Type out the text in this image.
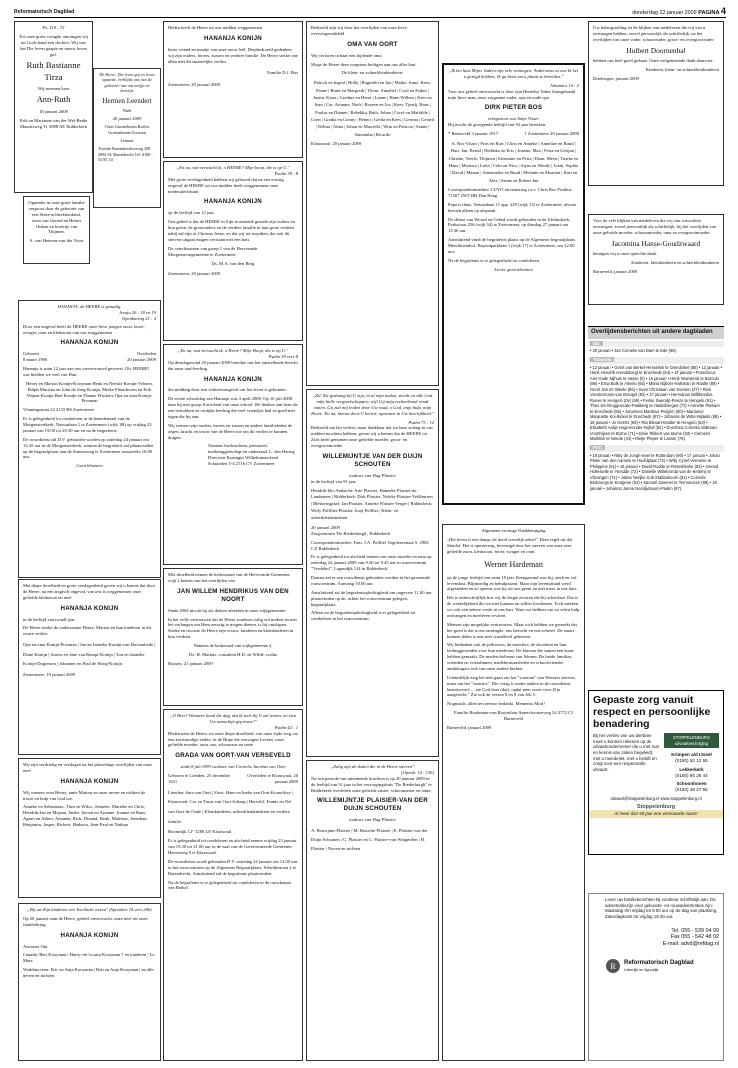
Reformatorisch Dagblad	donderdag 22 januari 2009 PAGINA 4
Ps. 119 : 72

Tot onze grote vreugde ontvingen wij uit Gods hand een dochter. Wij was het Die leven gaapte en nieuw leven gaf.

Ruth Bastianne Tirza
Wij noemen haar
Ann-Ruth
18 januari 2009

Erik en Marianne van der Wel-Bedie Mauritsweg 31 3988 AE Ridderkerk

De Heere, Die leven gaf en leven spaarde, verblijde ons met de geboorte van ons neefje en broertje

Hermen Leendert
Niek
20 januari 2009

Chris Groeneboom Roelos Groeneboom-Goossen

Lennart

Tweede Barendrechtseweg 308 2992 SL Barendrecht Tel. 0180 - 55 85 34

Opmerke in onze grote familie vergroot door de geboorte van een Stiste-achterkleinkind, zoon van Gerard en Hester Onkun en broertje van Thijmen.

A. van Heteren-van der Voort
HANANJA: de HEERE is genadig.
Jesaja 20 : 18 en 19
Openbaring 21 : 4

Door een ongeval heeft de HEERE onze lieve jongste zoon, broer, zwager, oom en kleinzoon van ons weggenomen

HANANJA KONIJN
Geboren	Overleden
8 maart 1996	20 januari 2009

Hananja is ruim 12 jaar aan ons toevertrouwd geweest. Oh, HEERE! wat hielden we veel van Han.

Henry en Marion Konijn-Kooyman Henk en Neeske Konijn-Veltzen, Ralph Mariska en John de Jong-Konijn, Mieke Fhondecren en Erik Velpen-Konijn Bert Konijn en Dianne Wuckers Opa en oma Konijn-Prosman

Vlamingstraat 22 2133 BS Zoetermeer

Er is gelegenheid tot condoleren in de benedenzaal van de Morgenstertkerk, Nassaulaan 1 te Zoetermeer (wijk 1B) op vrijdag 23 januari van 19.00 tot 20.30 uur en na de begrafenis.

De rouwdienst zal D.V. gehouden worden op zaterdag 24 januari om 13.45 uur in de Morgensterkerk, waarna de begrafenis zal plaatsvinden op de begraafplaats aan de Simnesweg te Zoetermeer omstreeks 16.00 uur.

Geen bloemen

Met diepe droefheid en grote verslagenheid geven wij u kennis dat door de Heere, na een tragisch ongeval, van ons is weggenomen onze geliefde kleinzoon en neef

HANANJA KONIJN

in de leeftijd van twaalf jaar.

De Heere sterke de ondersteune Henry, Marion en hun kinderen in dit zware verlies.

Opa en oma Konijn-Prosman | Jan en Janneke Konijn-van Duivenbode | Dinie Konijn | Arnest en Jane van Rumpt-Konijn | Ton en Janneke Konijn-Dogterom | Johannes en Paul de Hoog-Konijn

Zoetermeer, 19 januari 2009

Wij zijn verdrietig en verslagen na het plotselinge overlijden van onze neef

HANANJA KONIJN

Wij wensen oom Henry, tante Marion en onze neven en nichten de troost en hulp van God toe.

Anneke en Sebastiaan, Thea en Wilco, Jeanette, Marieke en Chris, Hendrik-Jan en Mirjam, Janke, Jeroen en Arianne, Joanne en Bans, Agnes en Albert, Amanda, Rick, Dinand, Henk, Matthias, Jonathan, Benjamin, Jasper, Rickert, Hadassa, Jean-Paul en Nathan

„Bij uw Zijn kinderen een Toevlucht wezen" (Spreuken 14 vers 26b)

Op 20 januari nam de Heere, geheel onverwacht, onze neef uit onze familiekring

HANANJA KONIJN

Ancaster Ont.

Canada: Bert Kooyman | Harry+en Louisa Kooyman † en kinderen | Le Mare

Waddinxveen: Eric en Anja Kooyman | Bob en Anja Kooyman | en alle neven en nichten

Heden heeft de Heere uit ons midden weggenomen

HANANJA KONIJN

beste vriend en maatje van onze zoon Joël. Diepbedroefd gedenken wij zijn ouders, broers, zussen en verdere familie. De Heere sterke one allen met dit smartelijke verlies.

Familie D.J. Bos
Zoetermeer, 20 januari 2009
„En nu, wat verwacht ik, o HEERE? Mijn hoop, die is op U."
Psalm 39 : 8

Met grote verslagenheid hebben wij gehoord dat na een ernstig ongeval de HEERE uit ons midden heeft weggenomen onze medecatechisant

HANANJA KONIJN

op de leeftijd van 12 jaar.

Ons gebed is dat de HEERE in Zijn troostende genade zijn ouders en hun gezin, de grootouders en de verdere familie in hun grote verdriet nabij zal zijn in Christus Jezus, en dat wij tot roepdien, die ook dit sterven uitgaat mogen verstaan met een hart.

De catechisanten van groep 1 van de Hervormde Morgensterngemeente te Zoetermeer.

Ds. M.A. van den Berg
Zoetermeer, 20 januari 2009
„En nu, wat verwacht ik, o Heere? Mijn Hoop, die is op U."
Psalm 39 vers 8

Op dinsdagavond 20 januari 2009 bereikte ons het ontstellende bericht dat onze oud-leerling

HANANJA KONIJN

die midding door een verkeersongeval om het leven is gekomen.

De eerste schooldag van Hananja was 3 april 2000. Op 16 juli 2008 nam hij met groep 8 afscheid van onze school. We denken aan hem als een betrokken en vrolijke leerling die veel vriendjes had en goed met tegen die hij aan.

Wij wensen zijn ouders, broers en zussen en andere familieleden de zegen, kracht en troost van de Heere toe om dit verlies te kunnen dragen.

Namens leerkrachten, personeel, medezeggenschap-en ouderraad, L. den Hartog Directeur Koningin Wilhelminaschool Schuttelen 5-4 2716 CV Zoetermeer

Met droefheid nemen de kerkenraad van de Hervormde Gemeente wijk 2 kennis van het overlijden van

JAN WILLEM HENDRIKUS VAN DEN NOORT

Sinds 2004 mocht hij als diaken arbeiden in onze wijkgemeente.

In het volle vertrouwen dat de Heere zondares zalig wil maken en met het verlangen om Hem eeuwig te mogen dienen, is hij ontslapen. Sterke en troostte de Heere zijn vrouw, kinderen en kleinkinderen in hun verdriet.

Namens de kerkeraad van wijkgemeente 2,

Ds. H. Markus, consulent H.D. de Wilde, scriba

Rijssen, 21 januari 2009
„O Heer! Wanneer komt die dag, dat ik toch bij U zal wezen, en zien Uw aanschijn gepresen?"
Psalm 42 : 1

Heden nam de Heere, tot onze diepe droefheid, van onze zijde weg, na een kortstondige ziekte, in de Hope die eeuwigen Levens, onze geliefde moeder, oma, zus, schoonzus en tante

GRADA VAN OORT-VAN VERSEVELD
sinds 8 juli 1993 weduwe van Cornelis Jacobus van Oort
Geboren te Lienden, 25 december 1921
Overleden te Klaaswaal, 20 januari 2009

Lienden: Sara van Oort | Zeist: Hans en Ineke van Oort-Kornelisse | Klaaswaal: Cor en Truus van Oort-Schaap | Herveld: Teunis en Nel van Oort-de Oude | Kleinkinderen, achterkleinkinderen en verdere familie

Boomdijk 12° 3286 LE Klaaswaal

Er is gelegenheid tot condoleren en afscheid nemen vrijdag 23 januari van 19.30 tot 21.00 uur in de zaal van de Gereformeerde Gemeente, Havenweg 9 te Klaaswaal.

De rouwdienst wordt gehouden D.V. zaterdag 24 januari om 14.00 uur in het rouwcentrum op de Algemene Begraafplaats, Scheldestraat 2 te Barendrecht. Aansluitend zal de begrafenis plaatsvinden.

Na de begrafenis is er gelegenheid tot condoleren in de rouwkamer van Bethel.

Bedroefd zijn wij door het overlijden van onze lieve oververgemiddeld

OMA VAN OORT

Wij verloren in haar een bijdende oma.

Moge de Heere deze roepstem heiligen aan ons aller hart.

De klein- en achterkleinkinderen:

Patrick en Ingrid | Holly | Ragnhild en Jan | Maike, Anne, Kees, Fenne | Brain en Margreth | Thom, Annabel | Cyril en Esther | Justin, Kiara | Gerdine en Henri | Lanne | Hans-Willem | Kees en Joan | Cor, Arianne, Niels | Roseen en Jos | Kees, Tjeadj, Hans | Paulus en Dianne | Rebekka, Ruth, Johan | Corré en Mathilde | Coen | Gradia en Conny | Henno | Gerda en Kees | Gertina | Gerard | Wilma | Alma | Johan en Marcella | Wim en Patricia | Sanne | Samantha | Ricardo

Klaaswaal, 20 januari 2009

„Zo! Zie gedaang bij U zijn, in al mijn noden, steeds en alle God mijn hulle vergezelschappen, wijl Gij mijn rechterhand vendt vatten. Gij zult mij leiden door Uw raad, o God, mijn hulp, mijn Heere. En na, hierna door U berovt, opnemen in Uw heerlijkheid."

Psalm 73 : 12

Bedroefd om het verlies, maar dankbaar dat we haar zolang in ons midden mochten hebben, geven wij u kennis dat de HEERE tot Zich heeft genomen onze geliefde moeder, groot- en overgrootmoeder

WILLEMIJNTJE VAN DER DUIJN SCHOUTEN
weduwe van Hug Plaisier

in de leeftijd van 91 jaar.

Hendrik-Ido-Ambacht: Arie Plaisier, Hanneke Plaisier-de Landmeter | Ridderkerk: Dirk Plaisier, Neleke Plaisier-Veldhuizen | Bleskensgraaf: Jan Plaisier, Anneke Plaisier-Verger | Ridderkerk: Willy Pollfliet-Plaisier, Joop Polfliet | Klein- en achterkleinkinderen

20 januari 2009

Zorgcentrum 'De Riederborgh', Ridderkerk

Correspondentieadres: Fam. J.A. Polfliet Vogelzeestraat 5, 2982 CX Ridderkerk

Er is gelegenheid tot afscheid nemen van onze moeder en oma op zaterdag 24 januari 2009 van 9.30 tot 9.45 uur in rouwcentrum "Vredehof", Lagendijk 114 in Ridderkerk.

Daarna zal er een rouwdienst gehouden worden in het genoemde rouwcentrum. Aanvang 10.00 uur.

Aansluitend zal de begrafenisplechtigheid om ongeveer 11.00 uur plaatsvinden op de, achter het rouwcentrum gelegen, begraafplaats.

Alleen na de begrafenisplechtigheid is er gelegenheid tot condoleren in het rouwcentrum.

„Zalig zijn de doden die in de Heere sterven"
(Openb. 14 : 13b)

Na een periode van afnemende krachten is op 20 januari 2009 in de leeftijd van 91 jaar in het verzorgingshuis "De Riederborgh" te Ridderkerk overleden onze geliefde zuster, schoonzuster en tante,

WILLEMIJNTJE PLAISIER-VAN DER DUIJN SCHOUTEN
weduwe van Hug Plaisier

A. Bouwjans-Plaisier | M. Bouwhe-Plaisier | E. Plaisier-van der Duijn Schouten | G. Plaisier en C. Plaisier-van Wingerden | H. Plaisier | Neven en nichten

„Ik het huis Mijns Vaders zijn vele woningen; Anderszins zo zou Ik het u gezegd hebben; Ik ga heen om u plaats te bereiden."

Johannes 14 : 2

Voor ons geheel onverwacht is door zijn Hemelse Vader thuisgehaald mijn lieve man, onze zorgzame vader, opa en oude opa

DIRK PIETER BOS
echtgenoot van Antje Visser

Hij mocht de gezegende leeftijd van 92 jaar bereiken.

* Barneveld 3 januari 1917	† Zoetermeer 20 januari 2009

A. Bos-Visser | Frits en Burt | Chris en Anneke | Annelize en Ruud | Bart, Jan, Bernd | Nellinka en Eric | Joanne, Max | Petra en Gertjan | Christie, Veerle, Thijmen | Ernestine en Petra | Daan, Meva | Tineke en Hans | Miranca | Lotte | Cobi en Nico | Arjan en Wendy | Luuk, Sophie | David | Manon | Annemieke en Ruud | Melanie en Maarten | Kim en Alex | Sanne en Robert Jan

Correspondentieadres: CUVO uitvaartzorg t.a.v. Chris Bos Postbus 71507 2507 BH Den Haag

Papa is thuis, Nassaulaan 11 app. 229 (wijk 13) te Zoetermeer, alwaar bezoek alleen op afspraak.

De dienst van Woord en Gebed wordt gehouden in de Ichthuskerk, Parkstraat 256 (wijk 34) te Zoetermeer, op dinsdag 27 januari om 13.30 uur.

Aansluitend vindt de begrafenis plaats op de Algemene begraafplaats Meerhloemhof, Buytenparklaan 1 (wijk 17) te Zoetermeer, om 12.00 uur.

Na de begrafenis is er gelegenheid tot condoleren.

Liever geen bloemen
Algemene en enige Dankbetuiging

„Het leven is een damp; de dood vreselijk zeker!" Deze regel uit dat Sluidoi. Het is opmierwig, bevestigd door het sterven van onze zeer geliefde zoon, kleinzoon, broer, zwager en oom

Werner Hardeman

op de jonge leeftijd van ruim 18 jaar. Kerngezond was hij, sterk en vol levenslust. Blijmoedig en behulpzaam. Maar zijn levensdraad werd afgesneden en zo opeens was hij uit ons gezin en niet meer in ons huis.

Het is onbeschrijflijk hoe wij de leegte ervaren die hij achterlaat. Dat is de werkelijkheid die we niet kunnen en willen loochenen. Toch merken we ook een zekere vrede in ons hart. Want we hebben van zo velen hulp ontvangen en meeleven ervaren.

Mensen zijn mogelijke vertroosters. Maar toch hebben we gemerkt dat het goed is dat u ons omringde, ons bezocht en ons schreef. De smart kunnen delen is een zeer waardevol gebeuren.

Wij bedanken ook de jaffrouws, de meesters, de docenten en hun leidinggevenden voor hun meeleven. De klassen die samen een kaart hebben gemaakt. De medescholieren van Werner. De beide families, vrienden en vriendinnen, medebestuursleden en schoolvriendte, ambtdragers ook van onze andere kerken.

Uiteindelijk mag het niet gaan om het "waarom" van Werners sterven, maar om het "waartoe". Die vraag is onder andere in de rouwdienst beantwoord: ... zie God doet (dat), opdat men vreze voor Zijn aangezicht." Zie ook de verzen 8 en 9 van Job 5.

Nogmaals, allen ten zeerste bedankt. Memento Mori!

Familie Hardeman-van Rootselaar Amersfoortseweg 54 3772 CJ Barneveld

Barneveld, januari 2009

Uw belangstelling en de blijken van medeleven die wij van u ontvangen hebben, zowel persoonlijk als schriftelijk, na het overlijden van onze vader, schoonvader, groot- en overgrootvader

Hulbert Doornenbal

hebben ons heel goed gedaan. Onze welgemeende dank daarvoor.

Kinderen, klein- en achterkleinkinderen

Driebergen, januari 2009

Voor de vele blijken van medeleven die wij van u mochten ontvangen, zowel persoonlijk als schriftelijk, bij het overlijden van onze geliefde moeder, schoonmoeder, oma en overgrootmoeder

Jacomina Hanse-Goudzwaard

betuigen wij u onze oprechte dank.

Kinderen, kleinkinderen en achterkleinkinderen

Barneveld, januari 2009
Overlijdensberichten uit andere dagbladen
ND
• 20 januari • Jan Cornelis van Dam te Ede (88).
Tubantia
• 12 januari • Gerrit van Berkel-Hesselink te Overdinkel (85) • 13 januari • Henk Hendrik Arendsborgt te Enschede (64) • 14 januari • Franciscus Arie Oude Nijhuis te Vasse (0) • 16 januari • Henk Wuestenb te Borculo (86) • Erna Bolk te Almelo (66) • Maria Nijboer-Halsman te Raalte (89) • Gerrit Jan ter Weele (86) • Sven Christiaan van Koenen (27) • Riek Vierstermans-van Breugel (82) • 17 januari • Hermanus Willibrordus Roeve te Hengelo (0v) (69) • Femie Swendp-Peeze te Hengelo (91) • Theo ten Brugguecate-Paalberg te Haaksbergen (72) • Annette Plaswer te Enschede (65) • Johannes Martinus Peigrim (80) • Marianne Marquette Koi-Bickel te Enschede (87) • Johanna de Witte-Nijlaids (88) • 18 januari • Jo Geerts (68) • Ria Bleuart-Mulder te Hengelo (53) • Elisabeth Aalije Hogervonder-Nijhof (92) • Dorothea Cornelia Valkman-Voorthijsen te Borne (71) • Dinie Rikkert van Borne (83) • Clemens Marklink te Neede (44) • Rietje Pleper te Lasser (76).
PZC
• 18 januari • Ritty de Jongh-Seel te Rotterdam (90) • 17 januari • Johan Pieter van den Aarsele te Hoofdplaat (72) • Willy Cyriel Vermeire te Philippine (61) • 18 januari • David Rodde te Rosteklenke (83) • Gerard Hollestelle te Yersdde (72) • Danielle Willebrorda van de Kettenij te Vlissingen (71) • Jotina Nerijke Kok-Stabbekoorn (81) • Cornelis Brubruegs te Kortgene (63) • Samuël Zwemer te Ternneuzen (89) • 19 januari • Johanna Janna Noordjeboom-Paalm (87).
Gepaste zorg vanuit respect en persoonlijke benadering

Bij het verlies van uw dierbare moet u kunnen rekenen op de uitvaartondernemer die u met rust en kennis van zaken begeleidt, met u meedenkt, met u bestilt en zorgt voor een respectvolle uitvaart.

STOPPELENBURG uitvaartverzorging
Krimpen a/d IJssel
(0180) 52 12 55
Lekkerkerk
(0180) 66 28 44
Schoonhoven
(0182) 38 27 55
uitvaart@stoppelenburg.nl www.stoppelenburg.nl
Stoppelenburg
Al meer dan 50 jaar een vertrouwde naam!

Lever uw familieberichten bij voorkeur schriftelijk aan. De advertentiezijn voor geboorte- en rouwadvertenties zijn: Maandag t/m vrijdag tot 9.00 uur op de dag van plaatsing, Zaterdagkrant tot vrijdag 18.30 uur.

Tel. 055 - 539 04 99
Fax 055 - 542 48 02
E-mail: advd@refdag.nl
R Reformatorisch Dagblad
Letterlijk en figuurlijk
